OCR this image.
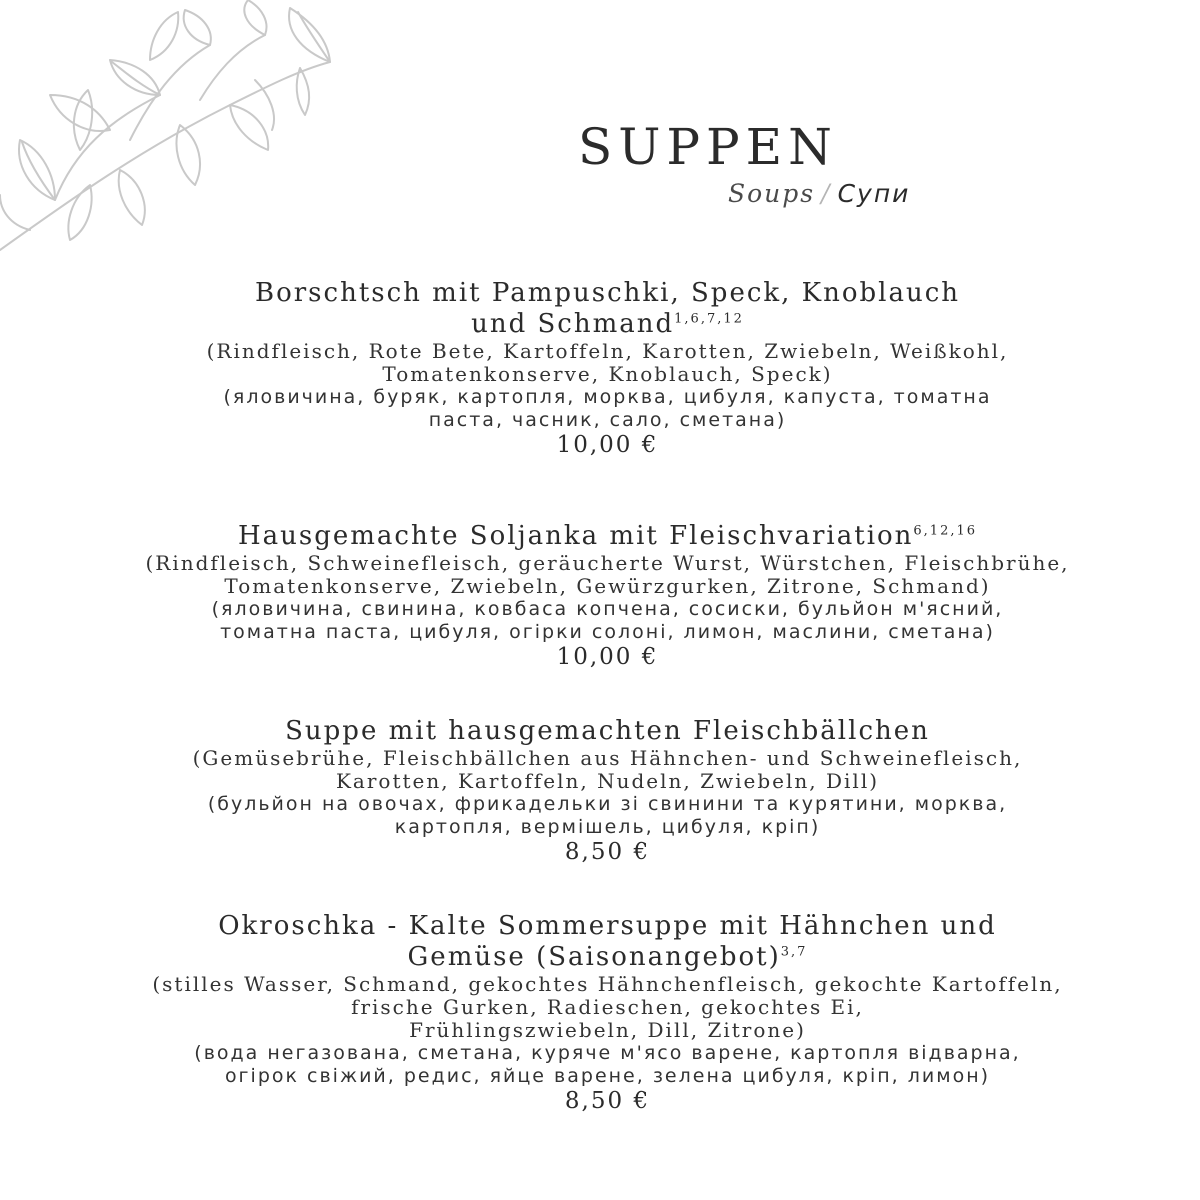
SUPPEN
Soups / Супи
Borschtsch mit Pampuschki, Speck, Knoblauch
und Schmand$^{1,6,7,12}$
(Rindfleisch, Rote Bete, Kartoffeln, Karotten, Zwiebeln, Weißkohl,
Tomatenkonserve, Knoblauch, Speck)
(яловичина, буряк, картопля, морква, цибуля, капуста, томатна
паста, часник, сало, сметана)
10,00 €
Hausgemachte Soljanka mit Fleischvariation$^{6,12,16}$
(Rindfleisch, Schweinefleisch, geräucherte Wurst, Würstchen, Fleischbrühe,
Tomatenkonserve, Zwiebeln, Gewürzgurken, Zitrone, Schmand)
(яловичина, свинина, ковбаса копчена, сосиски, бульйон м'ясний,
томатна паста, цибуля, огірки солоні, лимон, маслини, сметана)
10,00 €
Suppe mit hausgemachten Fleischbällchen
(Gemüsebrühe, Fleischbällchen aus Hähnchen- und Schweinefleisch,
Karotten, Kartoffeln, Nudeln, Zwiebeln, Dill)
(бульйон на овочах, фрикадельки зі свинини та курятини, морква,
картопля, вермішель, цибуля, кріп)
8,50 €
Okroschka - Kalte Sommersuppe mit Hähnchen und
Gemüse (Saisonangebot)$^{3,7}$
(stilles Wasser, Schmand, gekochtes Hähnchenfleisch, gekochte Kartoffeln,
frische Gurken, Radieschen, gekochtes Ei,
Frühlingszwiebeln, Dill, Zitrone)
(вода негазована, сметана, куряче м'ясо варене, картопля відварна,
огірок свіжий, редис, яйце варене, зелена цибуля, кріп, лимон)
8,50 €
